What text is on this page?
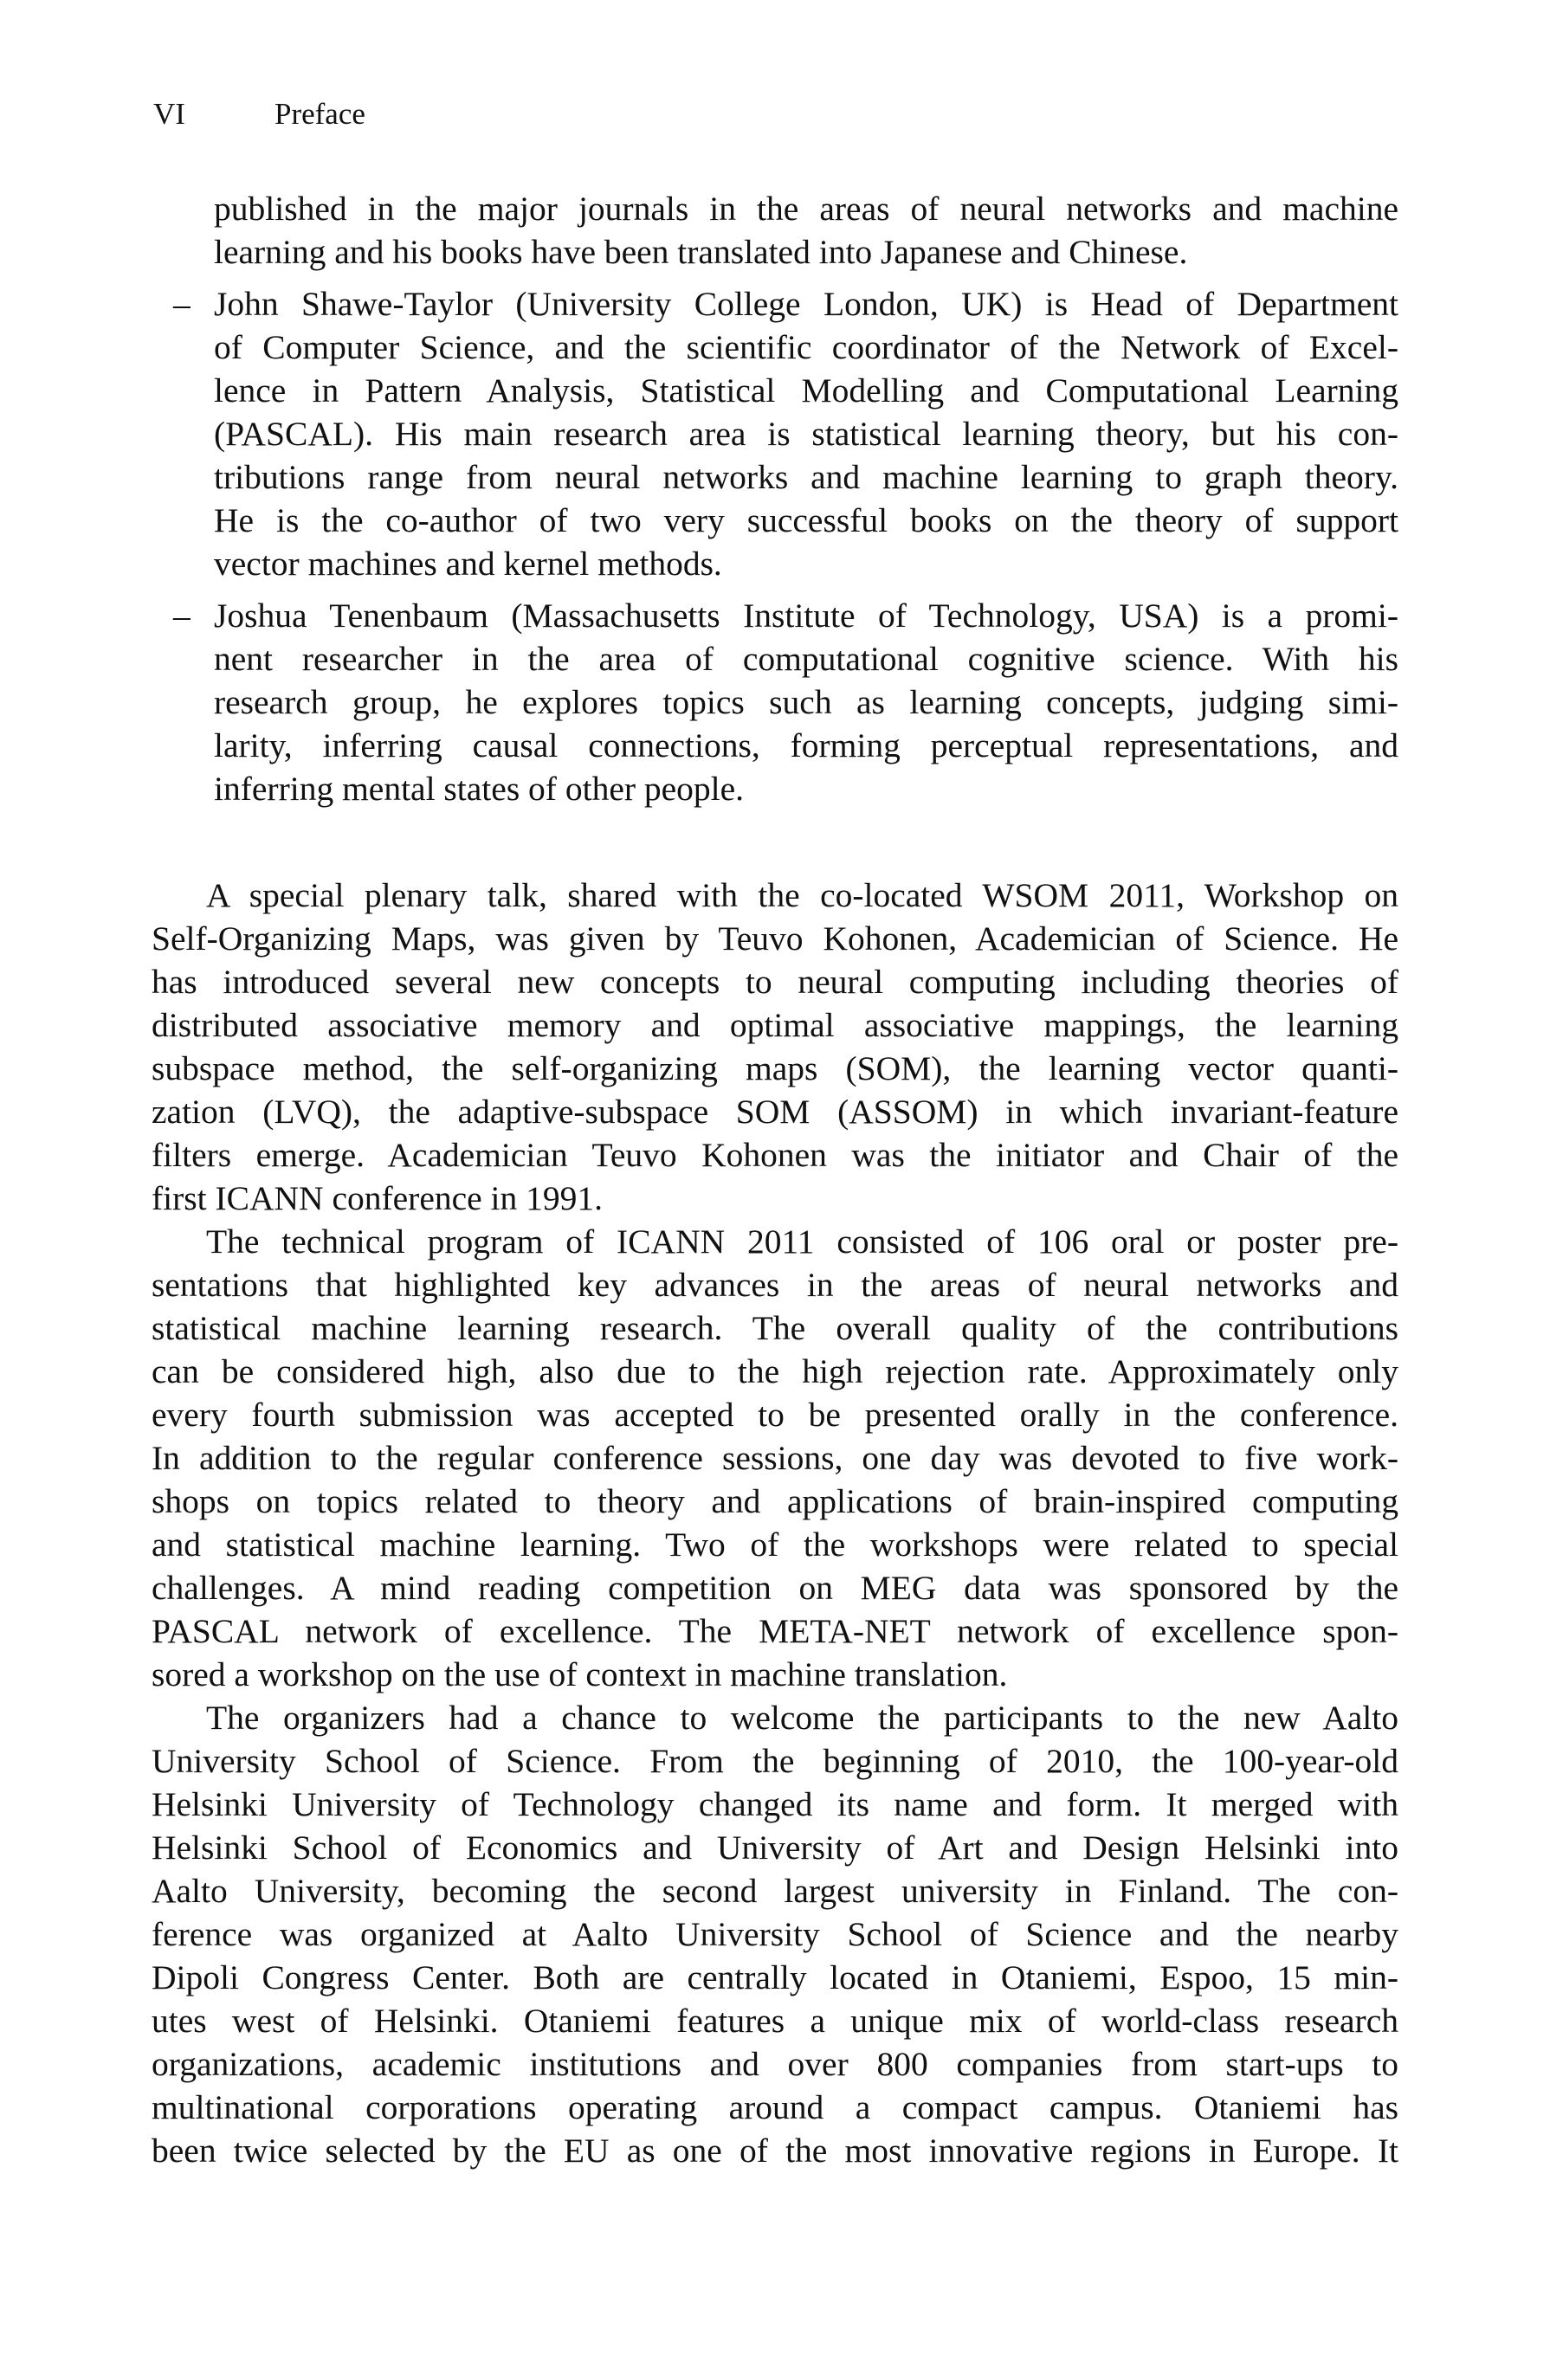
VI	Preface
published in the major journals in the areas of neural networks and machine
learning and his books have been translated into Japanese and Chinese.
– John Shawe-Taylor (University College London, UK) is Head of Department
of Computer Science, and the scientific coordinator of the Network of Excel-
lence in Pattern Analysis, Statistical Modelling and Computational Learning
(PASCAL). His main research area is statistical learning theory, but his con-
tributions range from neural networks and machine learning to graph theory.
He is the co-author of two very successful books on the theory of support
vector machines and kernel methods.
– Joshua Tenenbaum (Massachusetts Institute of Technology, USA) is a promi-
nent researcher in the area of computational cognitive science. With his
research group, he explores topics such as learning concepts, judging simi-
larity, inferring causal connections, forming perceptual representations, and
inferring mental states of other people.
A special plenary talk, shared with the co-located WSOM 2011, Workshop on
Self-Organizing Maps, was given by Teuvo Kohonen, Academician of Science. He
has introduced several new concepts to neural computing including theories of
distributed associative memory and optimal associative mappings, the learning
subspace method, the self-organizing maps (SOM), the learning vector quanti-
zation (LVQ), the adaptive-subspace SOM (ASSOM) in which invariant-feature
filters emerge. Academician Teuvo Kohonen was the initiator and Chair of the
first ICANN conference in 1991.
The technical program of ICANN 2011 consisted of 106 oral or poster pre-
sentations that highlighted key advances in the areas of neural networks and
statistical machine learning research. The overall quality of the contributions
can be considered high, also due to the high rejection rate. Approximately only
every fourth submission was accepted to be presented orally in the conference.
In addition to the regular conference sessions, one day was devoted to five work-
shops on topics related to theory and applications of brain-inspired computing
and statistical machine learning. Two of the workshops were related to special
challenges. A mind reading competition on MEG data was sponsored by the
PASCAL network of excellence. The META-NET network of excellence spon-
sored a workshop on the use of context in machine translation.
The organizers had a chance to welcome the participants to the new Aalto
University School of Science. From the beginning of 2010, the 100-year-old
Helsinki University of Technology changed its name and form. It merged with
Helsinki School of Economics and University of Art and Design Helsinki into
Aalto University, becoming the second largest university in Finland. The con-
ference was organized at Aalto University School of Science and the nearby
Dipoli Congress Center. Both are centrally located in Otaniemi, Espoo, 15 min-
utes west of Helsinki. Otaniemi features a unique mix of world-class research
organizations, academic institutions and over 800 companies from start-ups to
multinational corporations operating around a compact campus. Otaniemi has
been twice selected by the EU as one of the most innovative regions in Europe. It
